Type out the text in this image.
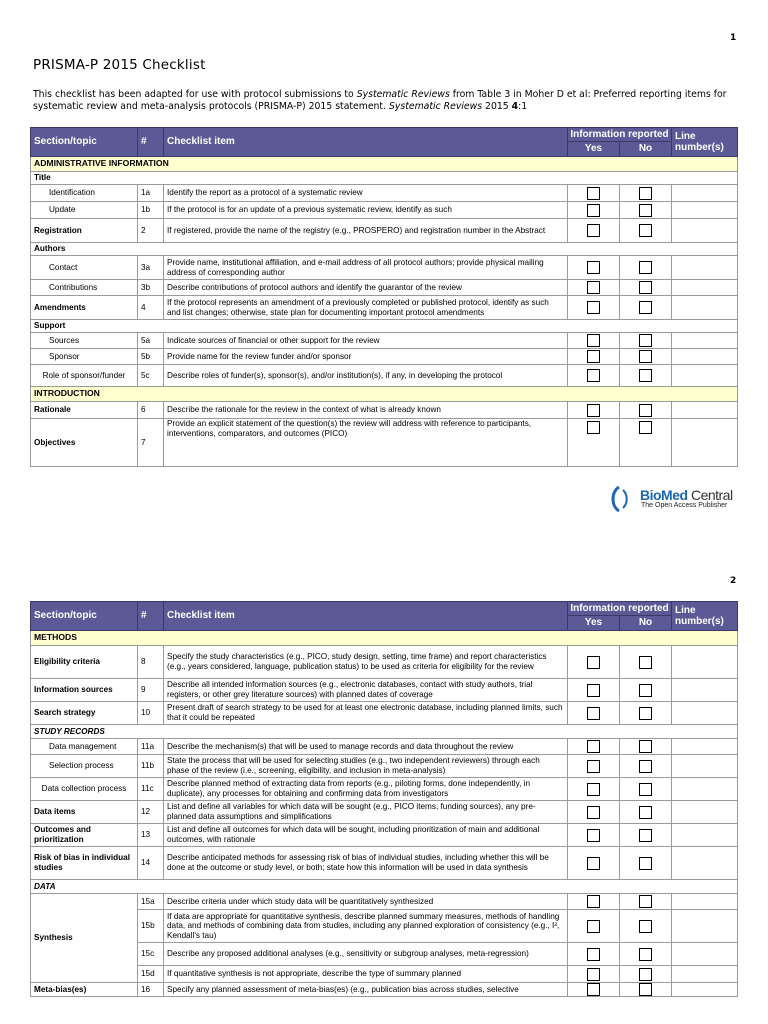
1
PRISMA-P 2015 Checklist
This checklist has been adapted for use with protocol submissions to Systematic Reviews from Table 3 in Moher D et al: Preferred reporting items for systematic review and meta-analysis protocols (PRISMA-P) 2015 statement. Systematic Reviews 2015 4:1
Section/topic	#	Checklist item	Information reported		Line number(s)
			Yes	No	
ADMINISTRATIVE INFORMATION					
Title					
Identification	1a	Identify the report as a protocol of a systematic review			
Update	1b	If the protocol is for an update of a previous systematic review, identify as such			
Registration	2	If registered, provide the name of the registry (e.g., PROSPERO) and registration number in the Abstract			
Authors					
Contact	3a	Provide name, institutional affiliation, and e-mail address of all protocol authors; provide physical mailing address of corresponding author			
Contributions	3b	Describe contributions of protocol authors and identify the guarantor of the review			
Amendments	4	If the protocol represents an amendment of a previously completed or published protocol, identify as such and list changes; otherwise, state plan for documenting important protocol amendments			
Support					
Sources	5a	Indicate sources of financial or other support for the review			
Sponsor	5b	Provide name for the review funder and/or sponsor			
Role of sponsor/funder	5c	Describe roles of funder(s), sponsor(s), and/or institution(s), if any, in developing the protocol			
INTRODUCTION					
Rationale	6	Describe the rationale for the review in the context of what is already known			
Objectives	7	Provide an explicit statement of the question(s) the review will address with reference to participants, interventions, comparators, and outcomes (PICO)			
BioMed Central
The Open Access Publisher
2
Section/topic	#	Checklist item	Information reported		Line number(s)
			Yes	No	
METHODS					
Eligibility criteria	8	Specify the study characteristics (e.g., PICO, study design, setting, time frame) and report characteristics (e.g., years considered, language, publication status) to be used as criteria for eligibility for the review			
Information sources	9	Describe all intended information sources (e.g., electronic databases, contact with study authors, trial registers, or other grey literature sources) with planned dates of coverage			
Search strategy	10	Present draft of search strategy to be used for at least one electronic database, including planned limits, such that it could be repeated			
STUDY RECORDS					
Data management	11a	Describe the mechanism(s) that will be used to manage records and data throughout the review			
Selection process	11b	State the process that will be used for selecting studies (e.g., two independent reviewers) through each phase of the review (i.e., screening, eligibility, and inclusion in meta-analysis)			
Data collection process	11c	Describe planned method of extracting data from reports (e.g., piloting forms, done independently, in duplicate), any processes for obtaining and confirming data from investigators			
Data items	12	List and define all variables for which data will be sought (e.g., PICO items, funding sources), any pre-planned data assumptions and simplifications			
Outcomes and prioritization	13	List and define all outcomes for which data will be sought, including prioritization of main and additional outcomes, with rationale			
Risk of bias in individual studies	14	Describe anticipated methods for assessing risk of bias of individual studies, including whether this will be done at the outcome or study level, or both; state how this information will be used in data synthesis			
DATA					
Synthesis	15a	Describe criteria under which study data will be quantitatively synthesized			
	15b	If data are appropriate for quantitative synthesis, describe planned summary measures, methods of handling data, and methods of combining data from studies, including any planned exploration of consistency (e.g., I², Kendall's tau)			
	15c	Describe any proposed additional analyses (e.g., sensitivity or subgroup analyses, meta-regression)			
	15d	If quantitative synthesis is not appropriate, describe the type of summary planned			
Meta-bias(es)	16	Specify any planned assessment of meta-bias(es) (e.g., publication bias across studies, selective			
